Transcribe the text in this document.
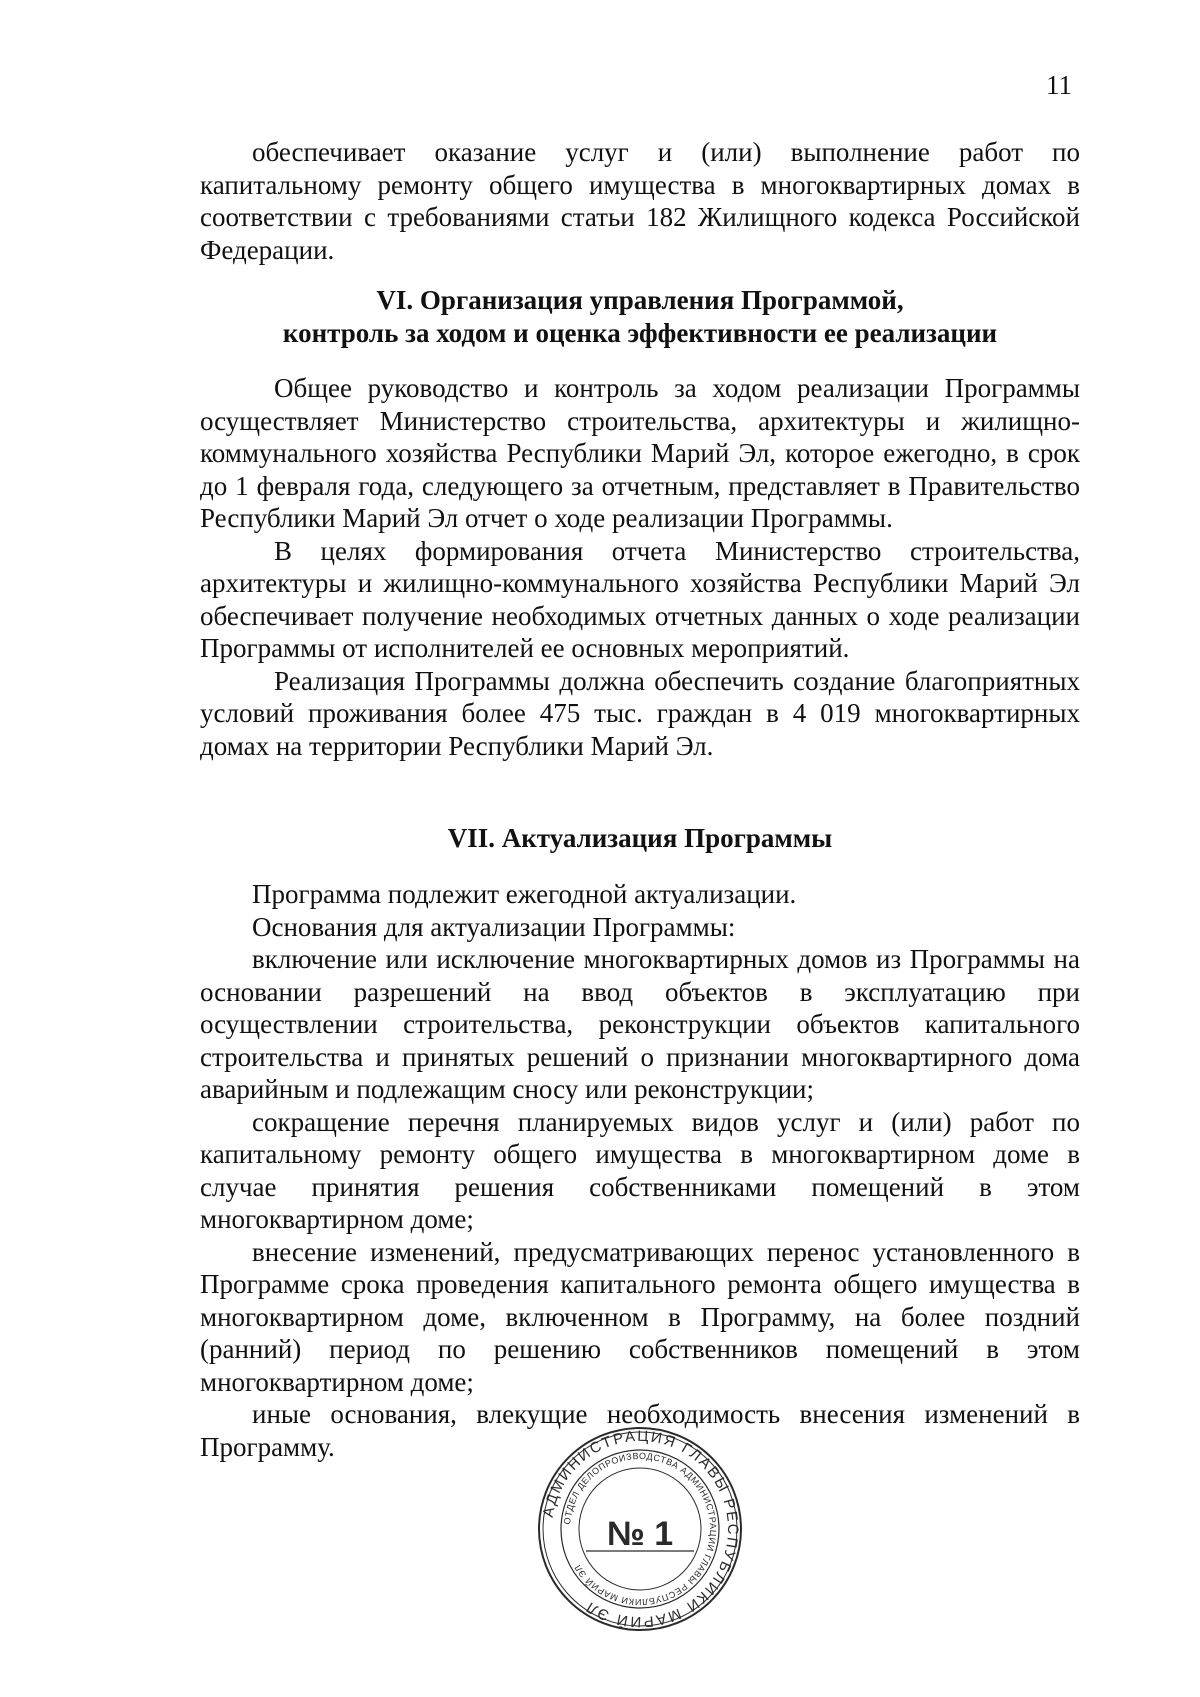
11

обеспечивает оказание услуг и (или) выполнение работ по капитальному ремонту общего имущества в многоквартирных домах в соответствии с требованиями статьи 182 Жилищного кодекса Российской Федерации.

VI. Организация управления Программой,

контроль за ходом и оценка эффективности ее реализации

Общее руководство и контроль за ходом реализации Программы осуществляет Министерство строительства, архитектуры и жилищно-коммунального хозяйства Республики Марий Эл, которое ежегодно, в срок до 1 февраля года, следующего за отчетным, представляет в Правительство Республики Марий Эл отчет о ходе реализации Программы.

В целях формирования отчета Министерство строительства, архитектуры и жилищно-коммунального хозяйства Республики Марий Эл обеспечивает получение необходимых отчетных данных о ходе реализации Программы от исполнителей ее основных мероприятий.

Реализация Программы должна обеспечить создание благоприятных условий проживания более 475 тыс. граждан в 4 019 многоквартирных домах на территории Республики Марий Эл.

VII. Актуализация Программы

Программа подлежит ежегодной актуализации.

Основания для актуализации Программы:

включение или исключение многоквартирных домов из Программы на основании разрешений на ввод объектов в эксплуатацию при осуществлении строительства, реконструкции объектов капитального строительства и принятых решений о признании многоквартирного дома аварийным и подлежащим сносу или реконструкции;

сокращение перечня планируемых видов услуг и (или) работ по капитальному ремонту общего имущества в многоквартирном доме в случае принятия решения собственниками помещений в этом многоквартирном доме;

внесение изменений, предусматривающих перенос установленного в Программе срока проведения капитального ремонта общего имущества в многоквартирном доме, включенном в Программу, на более поздний (ранний) период по решению собственников помещений в этом многоквартирном доме;

иные основания, влекущие необходимость внесения изменений в Программу.

АДМИНИСТРАЦИЯ ГЛАВЫ РЕСПУБЛИКИ МАРИЙ ЭЛ
ОТДЕЛ ДЕЛОПРОИЗВОДСТВА АДМИНИСТРАЦИИ ГЛАВЫ РЕСПУБЛИКИ МАРИЙ ЭЛ
№ 1
